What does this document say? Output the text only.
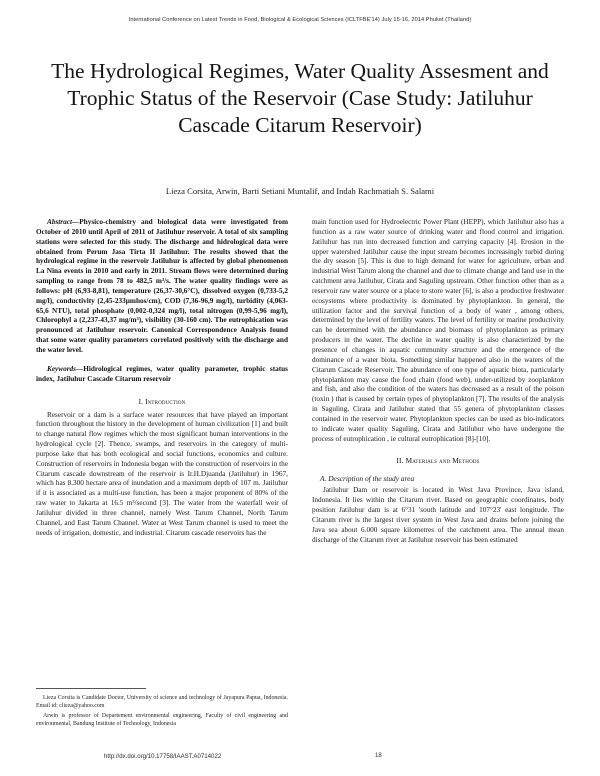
International Conference on Latest Trends in Food, Biological & Ecological Sciences (ICLTFBE'14) July 15-16, 2014 Phuket (Thailand)
The Hydrological Regimes, Water Quality Assesment and Trophic Status of the Reservoir (Case Study: Jatiluhur Cascade Citarum Reservoir)
Lieza Corsita, Arwin, Barti Setiani Muntalif, and Indah Rachmatiah S. Salami

Abstract—Physico-chemistry and biological data were investigated from October of 2010 until April of 2011 of Jatiluhur reservoir. A total of six sampling stations were selected for this study. The discharge and hidrological data were obtained from Perum Jasa Tirta II Jatiluhur. The results showed that the hydrological regime in the reservoir Jatiluhur is affected by global phenomenon La Nina events in 2010 and early in 2011. Stream flows were determined during sampling to range from 78 to 482,5 m³/s. The water quality findings were as follows: pH (6,93-8,81), temperature (26,37-30,6°C), dissolved oxygen (0,733-5,2 mg/l), conductivity (2,45-233µmhos/cm), COD (7,36-96,9 mg/l), turbidity (4,063-65,6 NTU), total phosphate (0,002-0,324 mg/l), total nitrogen (0,99-5,96 mg/l), Chlorophyl a (2,237-43,37 mg/m³), visibility (30-160 cm). The eutrophication was pronounced at Jatiluhur reservoir. Canonical Correspondence Analysis found that some water quality parameters correlated positively with the discharge and the water level.

Keywords—Hidrological regimes, water quality parameter, trophic status index, Jatiluhur Cascade Citarum reservoir

I. Introduction

Reservoir or a dam is a surface water resources that have played an important function throughout the history in the development of human civilization [1] and built to change natural flow regimes which the most significant human interventions in the hydrological cycle [2]. Thence, swamps, and reservoirs in the category of multi-purpose lake that has both ecological and social functions, economics and culture. Construction of reservoirs in Indonesia began with the construction of reservoirs in the Citarum cascade downstream of the reservoir is Ir.H.Djuanda (Jatiluhur) in 1967, which has 8.300 hectare area of inundation and a maximum depth of 107 m. Jatiluhur if it is associated as a multi-use function, has been a major proponent of 80% of the raw water to Jakarta at 16.5 m³/second [3]. The water from the waterfall weir of Jatiluhur divided in three channel, namely West Tarum Channel, North Tarum Channel, and East Tarum Channel. Water at West Tarum channel is used to meet the needs of irrigation, domestic, and industrial. Citarum cascade reservoirs has the

main function used for Hydroelectric Power Plant (HEPP), which Jatiluhur also has a function as a raw water source of drinking water and flood control and irrigation. Jatiluhur has run into decreased function and carrying capacity [4]. Erosion in the upper watershed Jatiluhur cause the input stream becomes increasingly turbid during the dry season [5]. This is due to high demand for water for agriculture, urban and industrial West Tarum along the channel and due to climate change and land use in the catchment area Jatiluhur, Cirata and Saguling upstream. Other function other than as a reservoir raw water source or a place to store water [6], is also a productive freshwater ecosystems where productivity is dominated by phytoplankton. In general, the utilization factor and the survival function of a body of water , among others, determined by the level of fertility waters. The level of fertility or marine productivity can be determined with the abundance and biomass of phytoplankton as primary producers in the water. The decline in water quality is also characterized by the presence of changes in aquatic community structure and the emergence of the dominance of a water biota. Something similar happened also in the waters of the Citarum Cascade Reservoir. The abundance of one type of aquatic biota, particularly phytoplankton may cause the food chain (food web), under-utilized by zooplankton and fish, and also the condition of the waters has decreased as a result of the poison (toxin ) that is caused by certain types of phytoplankton [7]. The results of the analysis in Saguling, Cirata and Jatiluhur stated that 55 genera of phytoplankton classes contained in the reservoir water. Phytoplankton species can be used as bio-indicators to indicate water quality Saguling, Cirata and Jatiluhur who have undergone the process of eutrophication , ie cultural eutrophication [8]-[10].

II. Materials and Methods
A. Description of the study area

Jatiluhur Dam or reservoir is located in West Java Province, Java island, Indonesia. It lies within the Citarum river. Based on geographic coordinates, body position Jatiluhur dam is at 6°31 'south latitude and 107°23' east longitude. The Citarum river is the largest river system in West Java and drains before joining the Java sea about 6.000 square kilometres of the catchment area. The annual mean discharge of the Citarum river at Jatiluhur reservoir has been estimated

Lieza Corsita is Candidate Doctor, University of science and technology of Jayapura Papua, Indonesia. Email id: clieza@yahoo.com

Arwin is professor of Departement environmental engineering, Faculty of civil engineering and environmental, Bandung Institute of Technology, Indonesia

http://dx.doi.org/10.17758/IAAST.A0714022	18
